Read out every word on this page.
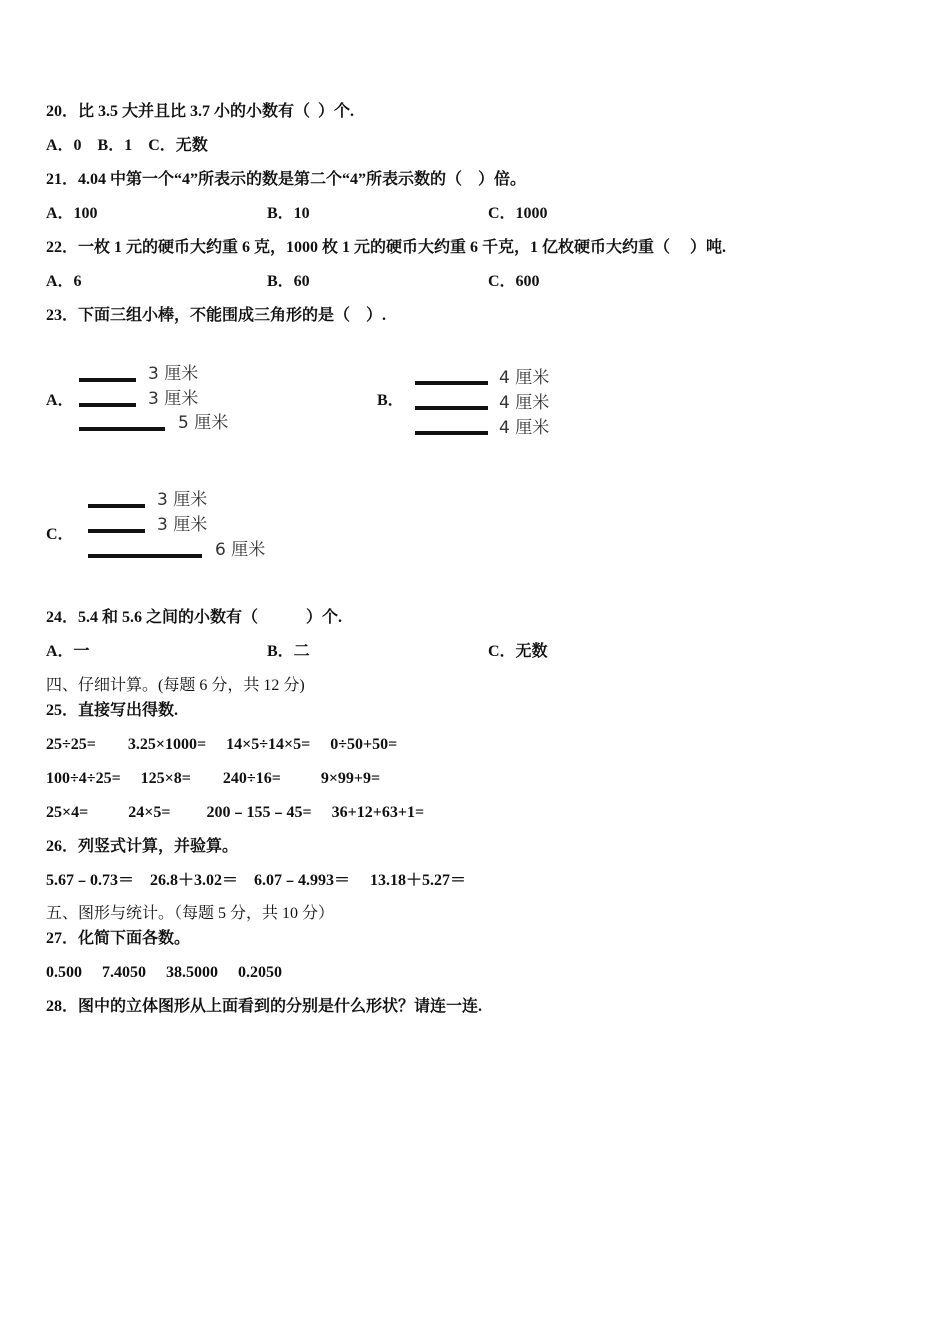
20．比 3.5 大并且比 3.7 小的小数有（  ）个.
A．0    B．1    C．无数
21．4.04 中第一个“4”所表示的数是第二个“4”所表示数的（    ）倍。
A．100	B．10	C．1000
22．一枚 1 元的硬币大约重 6 克，1000 枚 1 元的硬币大约重 6 千克，1 亿枚硬币大约重（     ）吨.
A．6	B．60	C．600
23．下面三组小棒，不能围成三角形的是（    ）.
A．
3 厘米
3 厘米
5 厘米
B．
4 厘米
4 厘米
4 厘米
C．
3 厘米
3 厘米
6 厘米
24．5.4 和 5.6 之间的小数有（            ）个.
A．一	B．二	C．无数
四、仔细计算。(每题 6 分，共 12 分)
25．直接写出得数.
25÷25=        3.25×1000=     14×5÷14×5=     0÷50+50=
100÷4÷25=     125×8=        240÷16=          9×99+9=
25×4=          24×5=         200﹣155﹣45=     36+12+63+1=
26．列竖式计算，并验算。
5.67﹣0.73＝    26.8＋3.02＝    6.07﹣4.993＝     13.18＋5.27＝
五、图形与统计。（每题 5 分，共 10 分）
27．化简下面各数。
0.500     7.4050     38.5000     0.2050
28．图中的立体图形从上面看到的分别是什么形状？请连一连.
